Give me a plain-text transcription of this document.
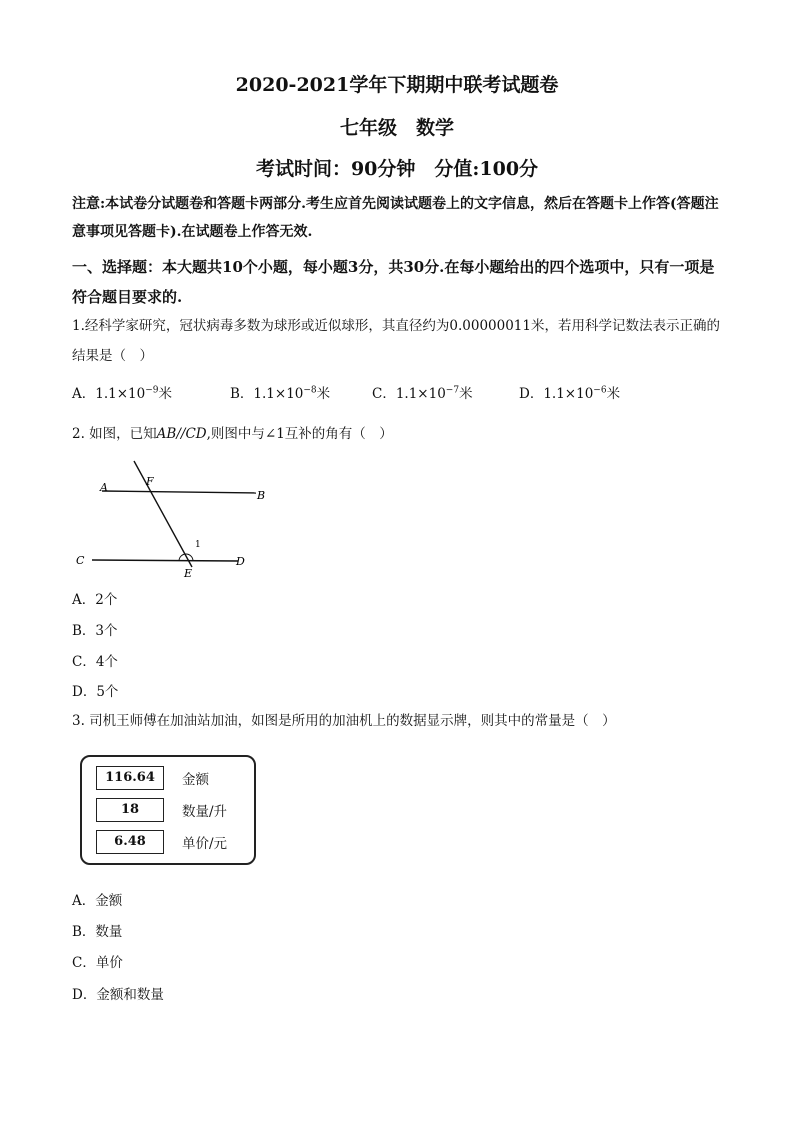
2020-2021学年下期期中联考试题卷
七年级　数学
考试时间：90分钟　分值:100分
注意:本试卷分试题卷和答题卡两部分.考生应首先阅读试题卷上的文字信息，然后在答题卡上作答(答题注意事项见答题卡).在试题卷上作答无效.
一、选择题：本大题共10个小题，每小题3分，共30分.在每小题给出的四个选项中，只有一项是符合题目要求的.
1.经科学家研究，冠状病毒多数为球形或近似球形，其直径约为0.00000011米，若用科学记数法表示正确的结果是（　）
A．$1.1\times 10^{-9}$米	B．$1.1\times 10^{-8}$米	C．$1.1\times 10^{-7}$米	D．$1.1\times 10^{-6}$米
2. 如图，已知AB//CD,则图中与∠1互补的角有（　）
A	F
B
C	D
E
1
A．2个
B．3个
C．4个
D．5个
3. 司机王师傅在加油站加油，如图是所用的加油机上的数据显示牌，则其中的常量是（　）
116.64	金额
18	数量/升
6.48	单价/元
A．金额
B．数量
C．单价
D．金额和数量
